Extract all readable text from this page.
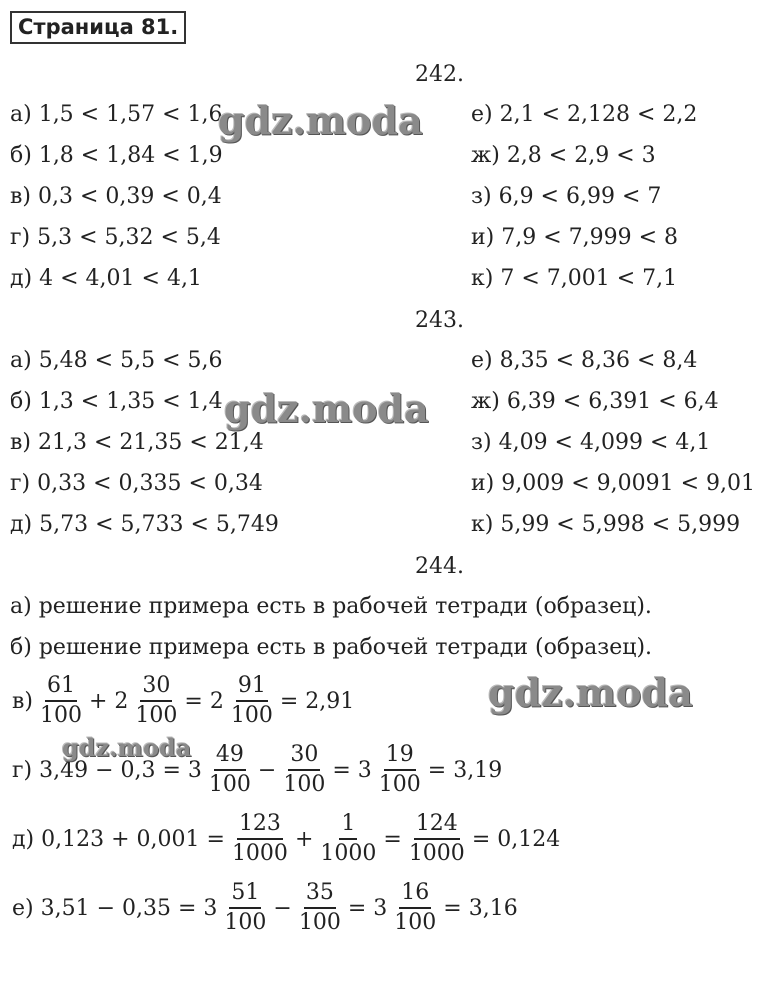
Страница 81.
242.
а) 1,5 < 1,57 < 1,6
б) 1,8 < 1,84 < 1,9
в) 0,3 < 0,39 < 0,4
г) 5,3 < 5,32 < 5,4
д) 4 < 4,01 < 4,1
е) 2,1 < 2,128 < 2,2
ж) 2,8 < 2,9 < 3
з) 6,9 < 6,99 < 7
и) 7,9 < 7,999 < 8
к) 7 < 7,001 < 7,1
243.
а) 5,48 < 5,5 < 5,6
б) 1,3 < 1,35 < 1,4
в) 21,3 < 21,35 < 21,4
г) 0,33 < 0,335 < 0,34
д) 5,73 < 5,733 < 5,749
е) 8,35 < 8,36 < 8,4
ж) 6,39 < 6,391 < 6,4
з) 4,09 < 4,099 < 4,1
и) 9,009 < 9,0091 < 9,01
к) 5,99 < 5,998 < 5,999
244.
а) решение примера есть в рабочей тетради (образец).
б) решение примера есть в рабочей тетради (образец).
$в) \frac{61}{100} + 2 \frac{30}{100} = 2 \frac{91}{100} = 2,91$
г) $3,49 - 0,3 = 3 \frac{49}{100} - \frac{30}{100} = 3 \frac{19}{100} = 3,19$
д) $0,123 + 0,001 = \frac{123}{1000} + \frac{1}{1000} = \frac{124}{1000} = 0,124$
е) $3,51 - 0,35 = 3 \frac{51}{100} - \frac{35}{100} = 3 \frac{16}{100} = 3,16$
gdz.moda
gdz.moda
gdz.moda
gdz.moda
